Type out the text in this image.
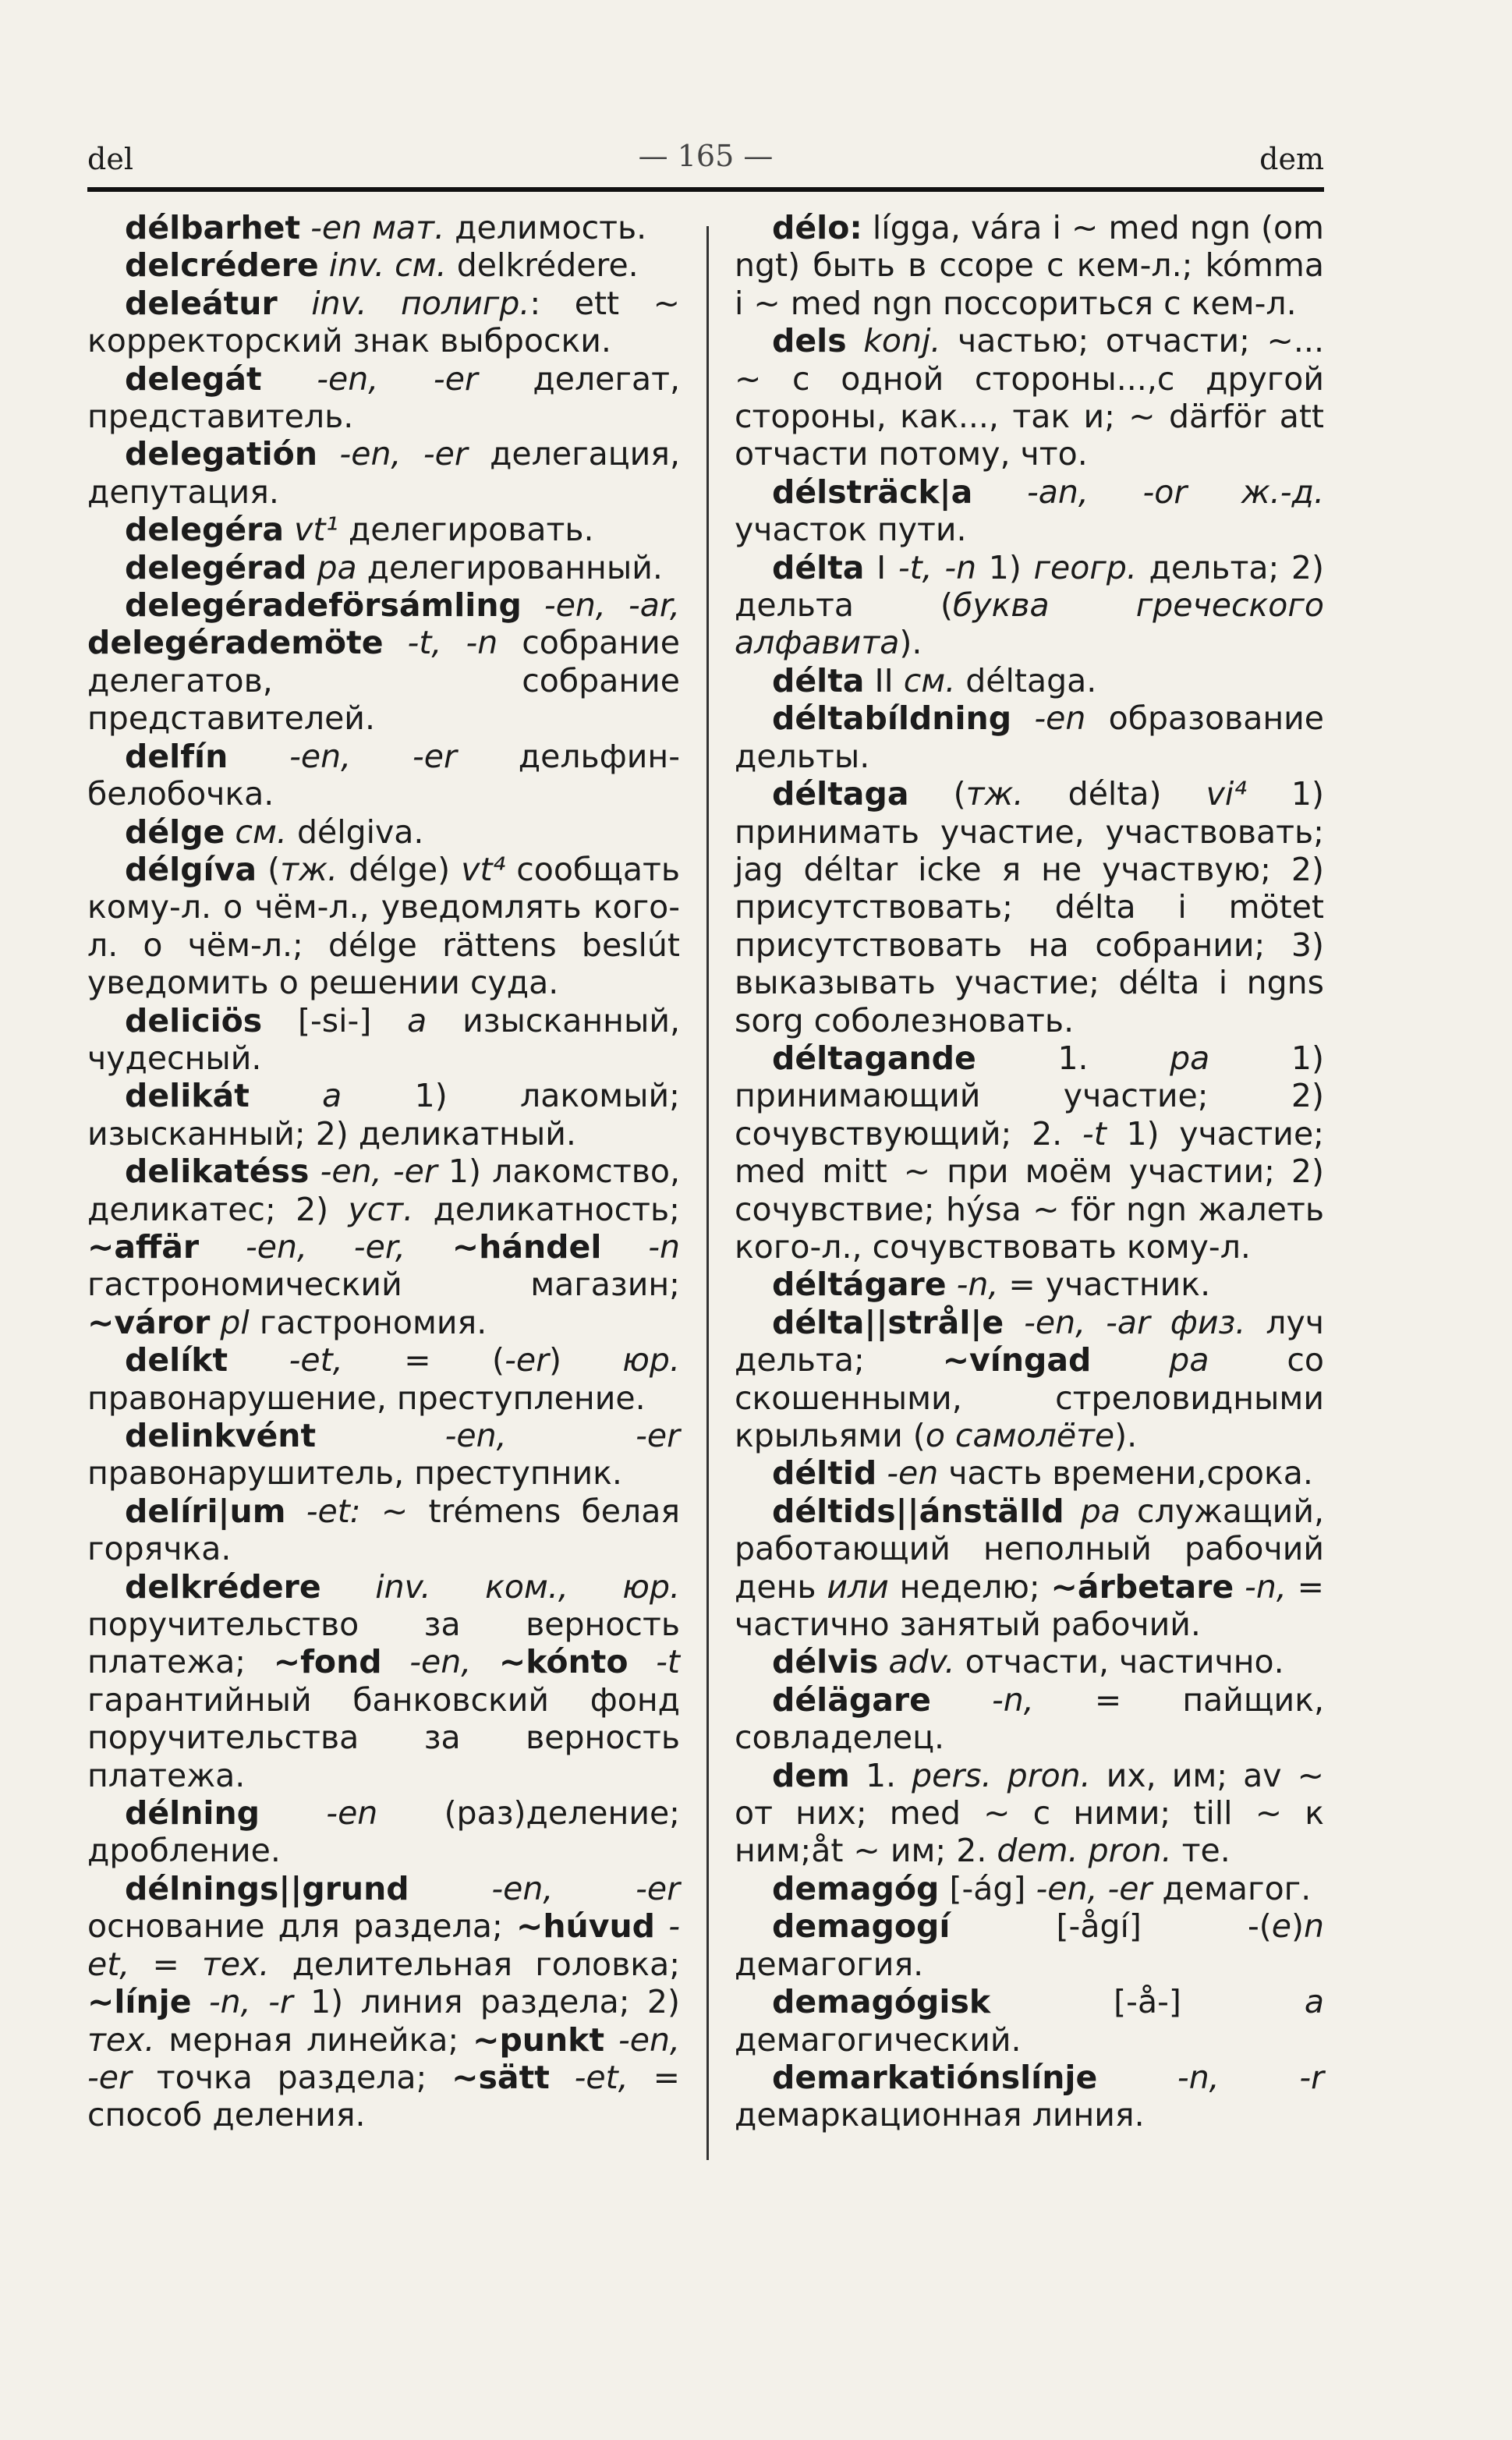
del	— 165 —	dem

délbarhet -en мат. делимость.

delcrédere inv. см. delkrédere.

deleátur inv. полигр.: ett ~ корректорский знак выброски.

delegát -en, -er делегат, представитель.

delegatión -en, -er делегация, депутация.

delegéra vt¹ делегировать.

delegérad pa делегированный.

delegéradeförsámling -en, -ar, delegérademöte -t, -n собрание делегатов, собрание представителей.

delfín -en, -er дельфин-белобочка.

délge см. délgiva.

délgíva (тж. délge) vt⁴ сообщать кому-л. о чём-л., уведомлять кого-л. о чём-л.; délge rättens beslút уведомить о решении суда.

deliciös [-si-] a изысканный, чудесный.

delikát a 1) лакомый; изысканный; 2) деликатный.

delikatéss -en, -er 1) лакомство, деликатес; 2) уст. деликатность; ~affär -en, -er, ~hándel -n гастрономический магазин; ~váror pl гастрономия.

delíkt -et, = (-er) юр. правонарушение, преступление.

delinkvént	-en, -er правонарушитель, преступник.

delíri|um -et: ~ trémens белая горячка.

delkrédere inv. ком., юр. поручительство за верность платежа; ~fond -en, ~kónto -t гарантийный банковский фонд поручительства за верность платежа.

délning -en (раз)деление; дробление.

délnings||grund	-en, -er основание для раздела; ~húvud -et, = тех. делительная головка; ~línje -n, -r 1) линия раздела; 2) тех. мерная линейка; ~punkt -en, -er точка раздела; ~sätt -et, = способ деления.

délo: lígga, vára i ~ med ngn (om ngt) быть в ссоре с кем-л.; kómma i ~ med ngn поссориться с кем-л.

dels konj. частью; отчасти; ~... ~ с одной стороны...,с другой стороны, как..., так и; ~ därför att отчасти потому, что.

délsträck|a -an, -or ж.-д. участок пути.

délta I -t, -n 1) геогр. дельта; 2) дельта (буква греческого алфавита).

délta II см. déltaga.

déltabíldning -en образование дельты.

déltaga (тж. délta) vi⁴ 1) принимать участие, участвовать; jag déltar icke я не участвую; 2) присутствовать; délta i mötet присутствовать на собрании; 3) выказывать участие; délta i ngns sorg соболезновать.

déltagande 1. pa 1) принимающий участие; 2) сочувствующий; 2. -t 1) участие; med mitt ~ при моём участии; 2) сочувствие; hýsa ~ för ngn жалеть кого-л., сочувствовать кому-л.

déltágare -n, = участник.

délta||strål|e -en, -ar физ. луч дельта; ~víngad pa со скошенными, стреловидными крыльями (о самолёте).

déltid -en часть времени,срока.

déltids||ánställd pa служащий, работающий неполный рабочий день или неделю; ~árbetare -n, = частично занятый рабочий.

délvis adv. отчасти, частично.

délägare -n, = пайщик, совладелец.

dem 1. pers. pron. их, им; av ~ от них; med ~ с ними; till ~ к ним;åt ~ им; 2. dem. pron. те.

demagóg [-ág] -en, -er демагог.

demagogí [-ågí] -(e)n демагогия.

demagógisk [-å-] a демагогический.

demarkatiónslínje	-n, -r демаркационная линия.
